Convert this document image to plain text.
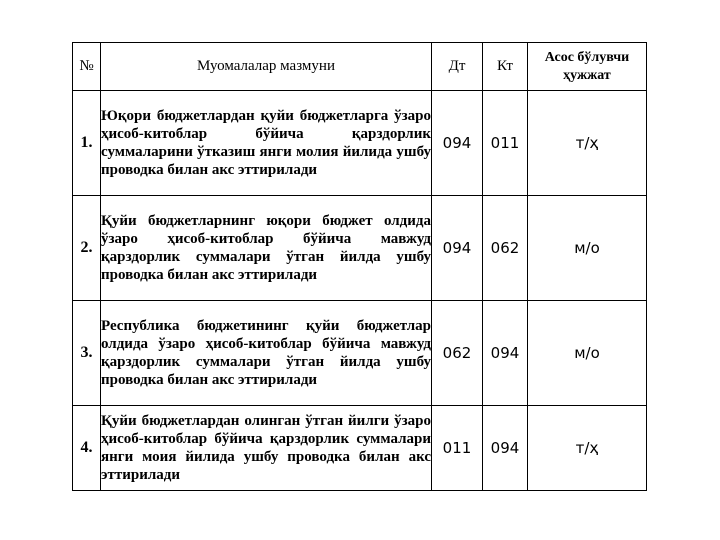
№	Муомалалар мазмуни	Дт	Кт	Асос бўлувчи ҳужжат
1.	Юқори бюджетлардан қуйи бюджетларга ўзаро ҳисоб-китоблар бўйича қарздорлик суммаларини ўтказиш янги молия йилида ушбу проводка билан акс эттирилади	094	011	т/ҳ
2.	Қуйи бюджетларнинг юқори бюджет олдида ўзаро ҳисоб-китоблар бўйича мавжуд қарздорлик суммалари ўтган йилда ушбу проводка билан акс эттирилади	094	062	м/о
3.	Республика бюджетининг қуйи бюджетлар олдида ўзаро ҳисоб-китоблар бўйича мавжуд қарздорлик суммалари ўтган йилда ушбу проводка билан акс эттирилади	062	094	м/о
4.	Қуйи бюджетлардан олинган ўтган йилги ўзаро ҳисоб-китоблар бўйича қарздорлик суммалари янги моия йилида ушбу проводка билан акс эттирилади	011	094	т/ҳ
